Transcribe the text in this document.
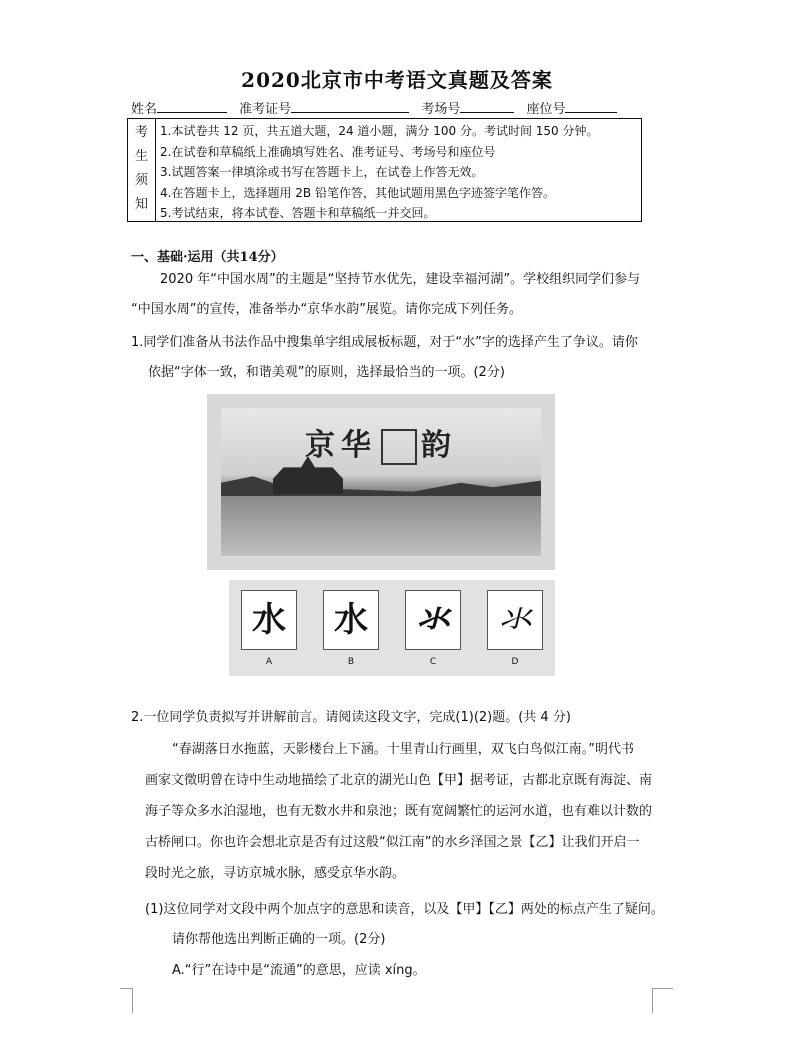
2020北京市中考语文真题及答案
姓名	准考证号	考场号	座位号
考
生
须
知
1.本试卷共 12 页，共五道大题，24 道小题，满分 100 分。考试时间 150 分钟。
2.在试卷和草稿纸上准确填写姓名、准考证号、考场号和座位号
3.试题答案一律填涂或书写在答题卡上，在试卷上作答无效。
4.在答题卡上，选择题用 2B 铅笔作答，其他试题用黑色字迹签字笔作答。
5.考试结束，将本试卷、答题卡和草稿纸一并交回。
一、基础·运用（共14分）
2020 年“中国水周”的主题是“坚持节水优先，建设幸福河湖”。学校组织同学们参与
“中国水周”的宣传，准备举办“京华水韵”展览。请你完成下列任务。
1.同学们准备从书法作品中搜集单字组成展板标题，对于“水”字的选择产生了争议。请你
依据“字体一致，和谐美观”的原则，选择最恰当的一项。(2分)
京华 韵
水
A
水
B
氺
C
氺
D
2.一位同学负责拟写并讲解前言。请阅读这段文字，完成(1)(2)题。(共 4 分)
“春湖落日水拖蓝，天影楼台上下涵。十里青山行画里，双飞白鸟似江南。”明代书
画家文徵明曾在诗中生动地描绘了北京的湖光山色【甲】据考证，古都北京既有海淀、南
海子等众多水泊湿地，也有无数水井和泉池；既有宽阔繁忙的运河水道，也有难以计数的
古桥闸口。你也许会想北京是否有过这般“似江南”的水乡泽国之景【乙】让我们开启一
段时光之旅，寻访京城水脉，感受京华水韵。
(1)这位同学对文段中两个加点字的意思和读音，以及【甲】【乙】两处的标点产生了疑问。
请你帮他选出判断正确的一项。(2分)
A.“行”在诗中是“流通”的意思，应读 xíng。
